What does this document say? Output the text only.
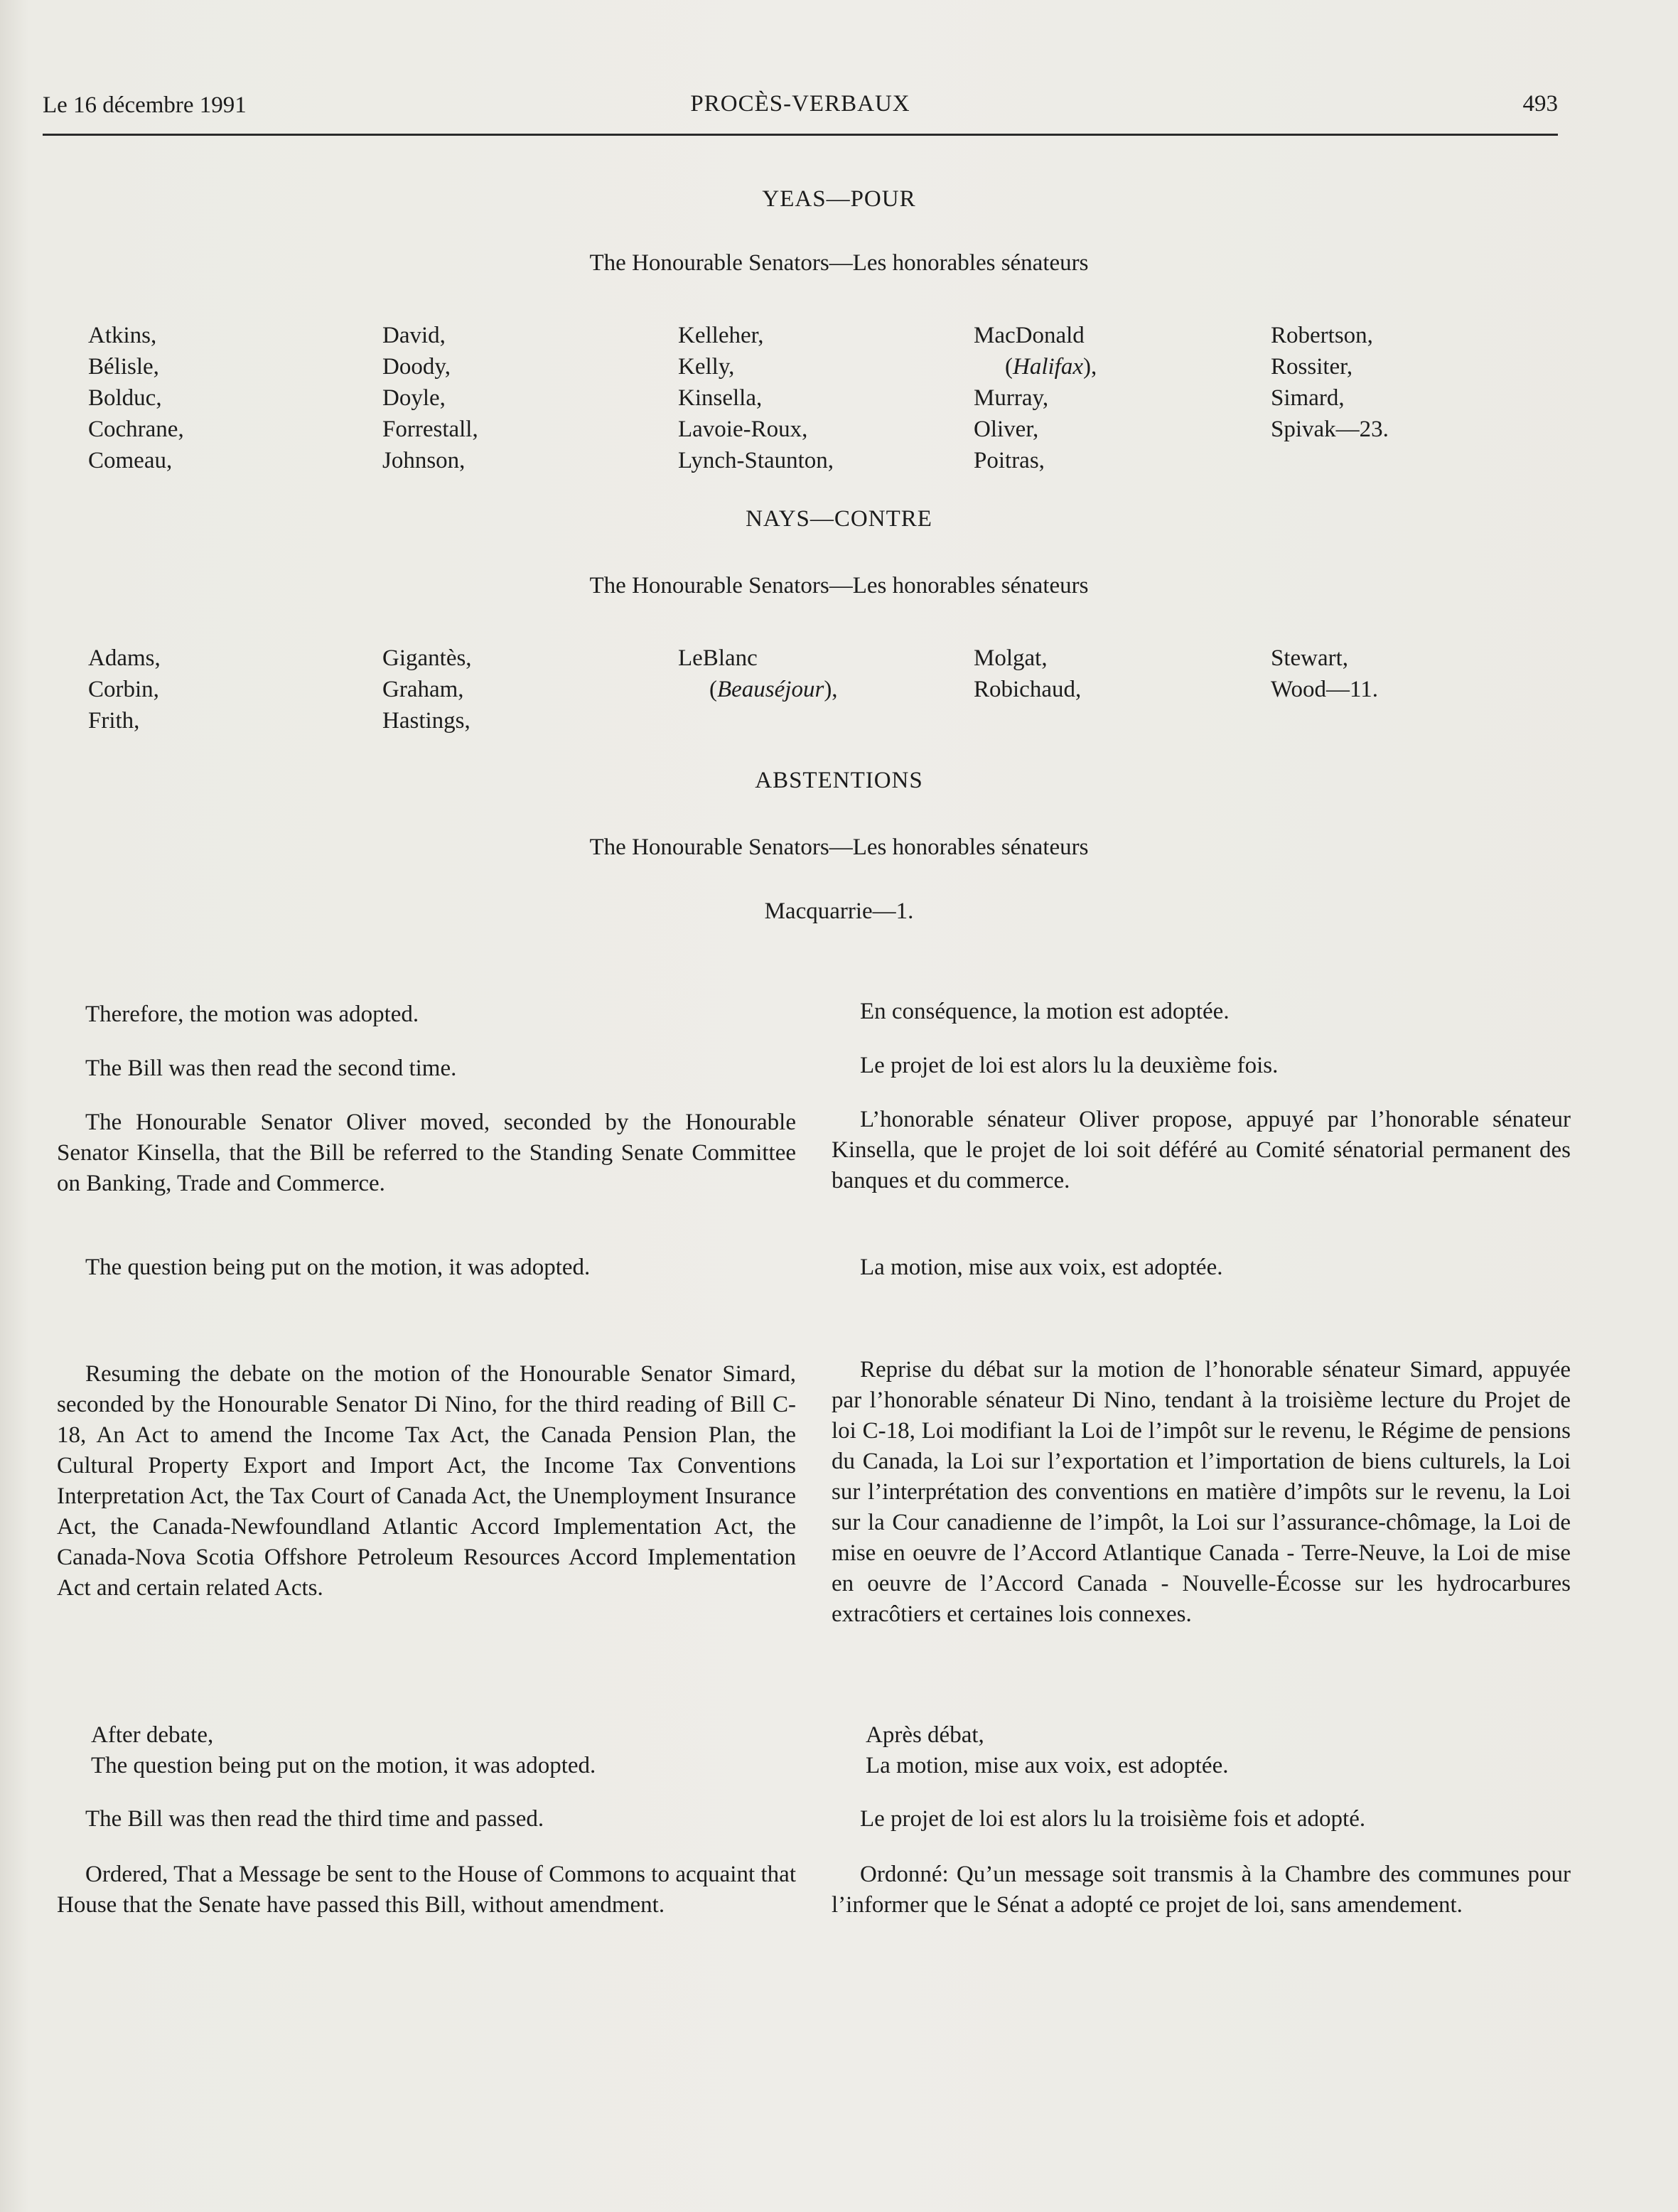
Le 16 décembre 1991	PROCÈS-VERBAUX	493
YEAS—POUR
The Honourable Senators—Les honorables sénateurs
Atkins,
Bélisle,
Bolduc,
Cochrane,
Comeau,
David,
Doody,
Doyle,
Forrestall,
Johnson,
Kelleher,
Kelly,
Kinsella,
Lavoie-Roux,
Lynch-Staunton,
MacDonald
(Halifax),
Murray,
Oliver,
Poitras,
Robertson,
Rossiter,
Simard,
Spivak—23.
NAYS—CONTRE
The Honourable Senators—Les honorables sénateurs
Adams,
Corbin,
Frith,
Gigantès,
Graham,
Hastings,
LeBlanc
(Beauséjour),
Molgat,
Robichaud,
Stewart,
Wood—11.
ABSTENTIONS
The Honourable Senators—Les honorables sénateurs
Macquarrie—1.
Therefore, the motion was adopted.
The Bill was then read the second time.
The Honourable Senator Oliver moved, seconded by the Honourable Senator Kinsella, that the Bill be referred to the Standing Senate Committee on Banking, Trade and Commerce.
The question being put on the motion, it was adopted.
Resuming the debate on the motion of the Honourable Senator Simard, seconded by the Honourable Senator Di Nino, for the third reading of Bill C-18, An Act to amend the Income Tax Act, the Canada Pension Plan, the Cultural Property Export and Import Act, the Income Tax Conventions Interpretation Act, the Tax Court of Canada Act, the Unemployment Insurance Act, the Canada-Newfoundland Atlantic Accord Implementation Act, the Canada-Nova Scotia Offshore Petroleum Resources Accord Implementation Act and certain related Acts.
After debate,
The question being put on the motion, it was adopted.
The Bill was then read the third time and passed.
Ordered, That a Message be sent to the House of Commons to acquaint that House that the Senate have passed this Bill, without amendment.
En conséquence, la motion est adoptée.
Le projet de loi est alors lu la deuxième fois.
L’honorable sénateur Oliver propose, appuyé par l’honorable sénateur Kinsella, que le projet de loi soit déféré au Comité sénatorial permanent des banques et du commerce.
La motion, mise aux voix, est adoptée.
Reprise du débat sur la motion de l’honorable sénateur Simard, appuyée par l’honorable sénateur Di Nino, tendant à la troisième lecture du Projet de loi C-18, Loi modifiant la Loi de l’impôt sur le revenu, le Régime de pensions du Canada, la Loi sur l’exportation et l’importation de biens culturels, la Loi sur l’interprétation des conventions en matière d’impôts sur le revenu, la Loi sur la Cour canadienne de l’impôt, la Loi sur l’assurance-chômage, la Loi de mise en oeuvre de l’Accord Atlantique Canada - Terre-Neuve, la Loi de mise en oeuvre de l’Accord Canada - Nouvelle-Écosse sur les hydrocarbures extracôtiers et certaines lois connexes.
Après débat,
La motion, mise aux voix, est adoptée.
Le projet de loi est alors lu la troisième fois et adopté.
Ordonné: Qu’un message soit transmis à la Chambre des communes pour l’informer que le Sénat a adopté ce projet de loi, sans amendement.
